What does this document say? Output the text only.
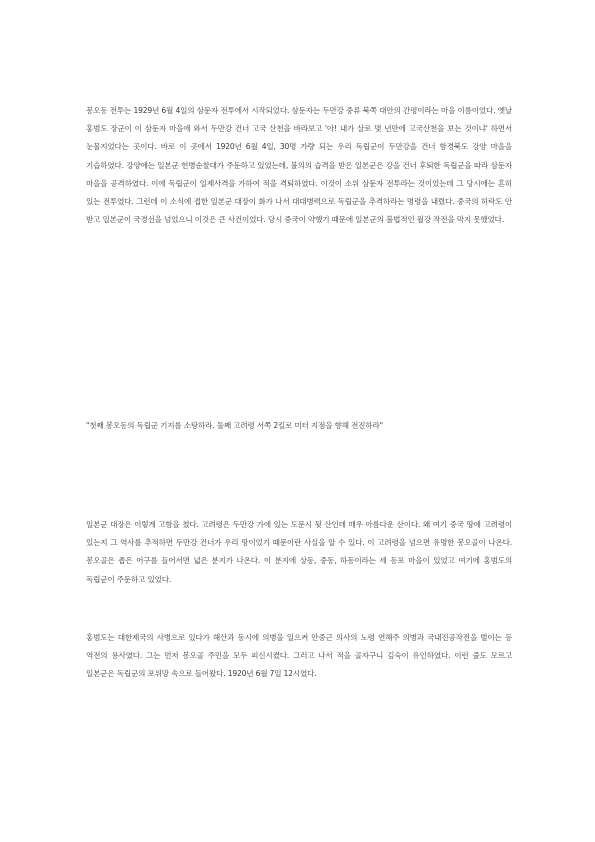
봉오동 전투는 1929년 6월 4일의 삼둔자 전투에서 시작되었다. 삼둔자는 두만강 중류 북쪽 대안의 간평이라는 마을 이름이었다. 옛날 홍범도 장군이 이 삼둔자 마을에 와서 두만강 건너 고국 산천을 바라보고 '아! 내가 살로 몇 년만에 고국산천을 보는 것이냐' 하면서 눈물지었다는 곳이다. 바로 이 곳에서 1920년 6월 4일, 30명 가량 되는 우리 독립군이 두만강을 건너 함경북도 강양 마을을 기습하였다. 강양에는 일본군 헌병순찰대가 주둔하고 있었는데, 불의의 습격을 받은 일본군은 강을 건너 후퇴한 독립군을 따라 삼둔자 마을을 공격하였다. 이에 독립군이 일제사격을 가하여 적을 격퇴하였다. 이것이 소위 삼둔자 전투라는 것이었는데 그 당시에는 흔히 있는 전투였다. 그런데 이 소식에 접한 일본군 대장이 화가 나서 대대병력으로 독립군을 추격하라는 명령을 내렸다. 중국의 허락도 안 받고 일본군이 국경선을 넘었으니 이것은 큰 사건이었다. 당시 중국이 약했기 때문에 일본군의 불법적인 월강 작전을 막지 못했었다.

"첫째 봉오동의 독립군 기지를 소탕하라. 둘째 고려령 서쪽 2킬로 미터 지점을 향해 전진하라"

일본군 대장은 이렇게 고함을 쳤다. 고려령은 두만강 가에 있는 도문시 뒷 산인데 매우 아름다운 산이다. 왜 여기 중국 땅에 고려령이 있는지 그 역사를 추적하면 두만강 건너가 우리 땅이었기 때문이란 사실을 알 수 있다. 이 고려령을 넘으면 유명한 봉오골이 나온다. 봉오골은 좁은 어구를 들어서면 넓은 분지가 나온다. 이 분지에 상동, 중동, 하동이라는 세 동포 마을이 있었고 여기에 홍범도의 독립군이 주둔하고 있었다.

홍범도는 대한제국의 사병으로 있다가 해산과 동시에 의병을 일으켜 안중근 의사의 노령 연해주 의병과 국내진공작전을 벌이는 등 역전의 용사였다. 그는 먼저 봉오골 주민을 모두 피신시켰다. 그러고 나서 적을 골자구니 깊숙이 유인하였다. 이런 줄도 모르고 일본군은 독립군의 포위망 속으로 들어왔다. 1920년 6월 7일 12시였다.
